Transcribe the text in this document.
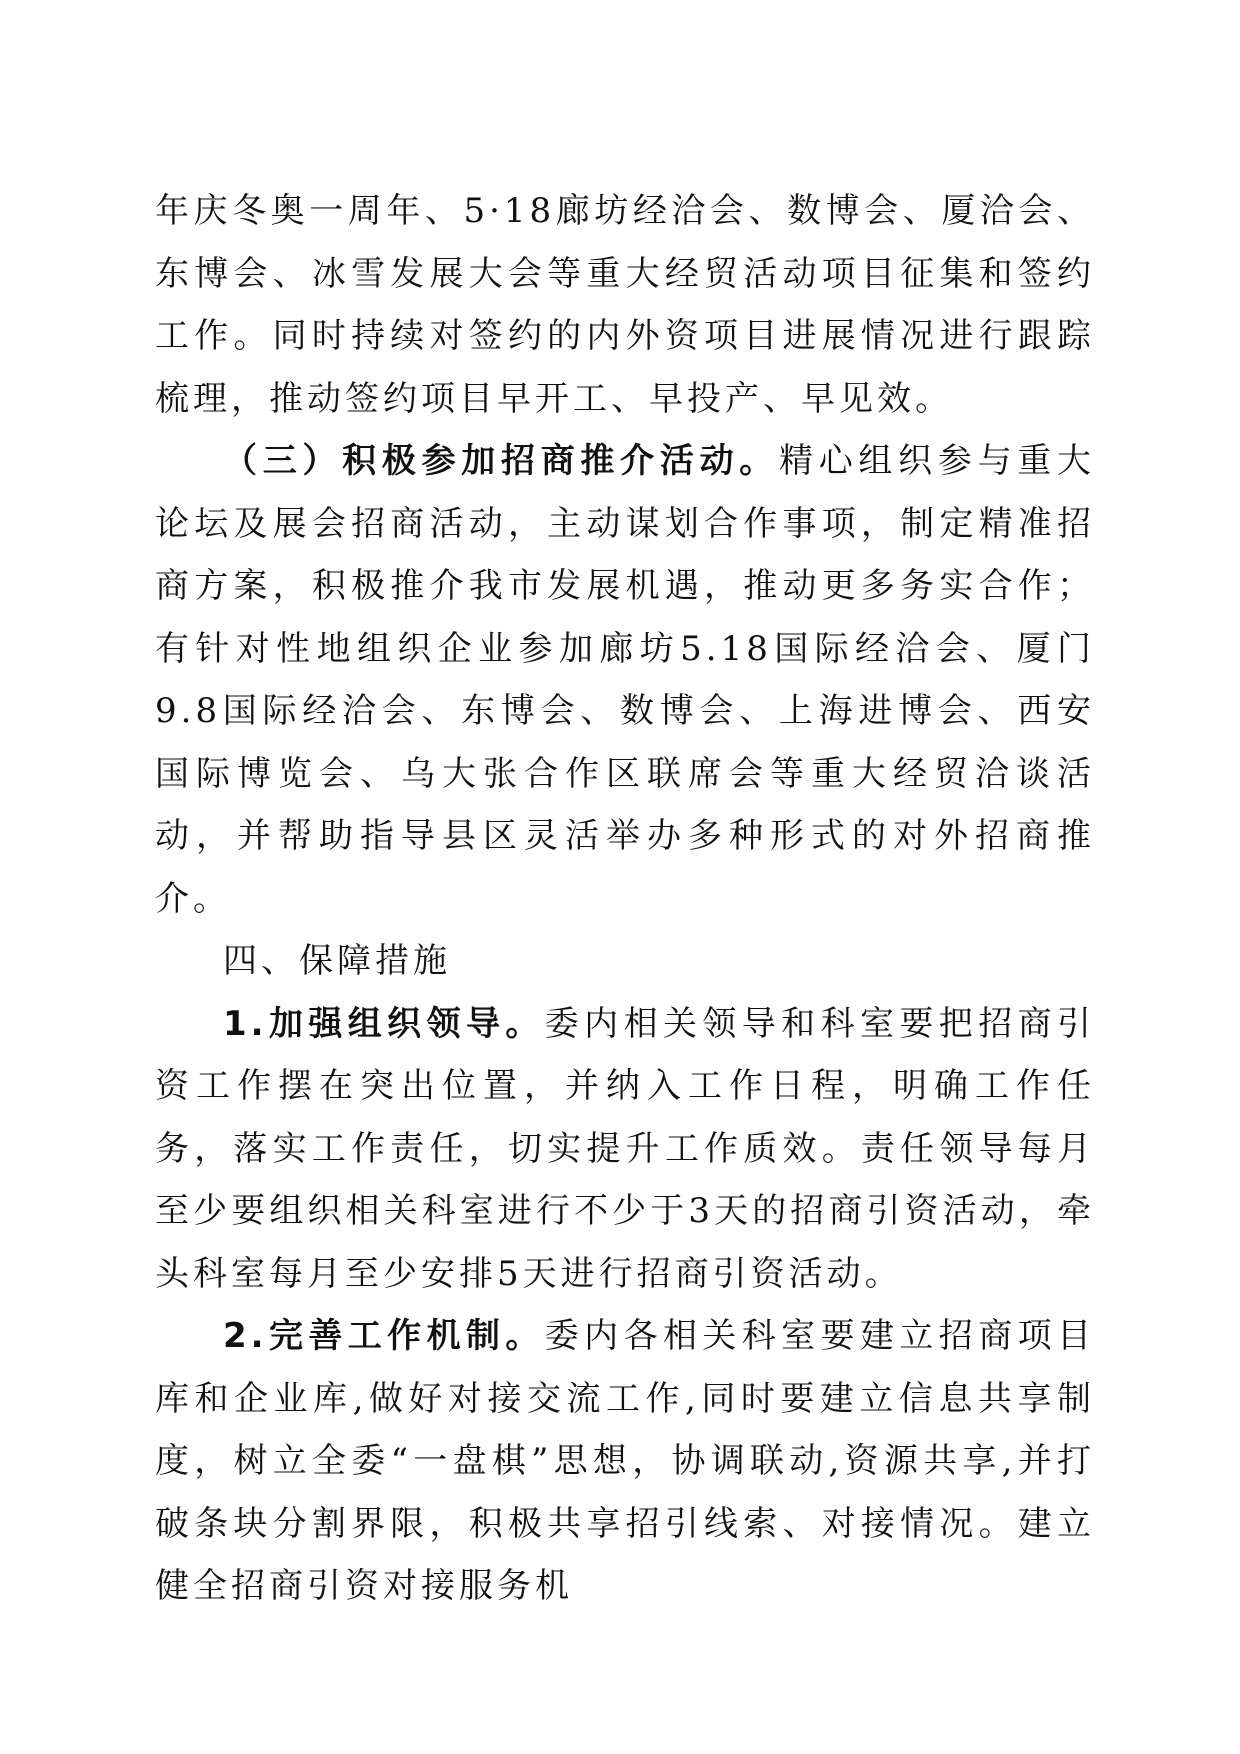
年庆冬奥一周年、5·18廊坊经洽会、数博会、厦洽会、东博会、冰雪发展大会等重大经贸活动项目征集和签约工作。同时持续对签约的内外资项目进展情况进行跟踪梳理，推动签约项目早开工、早投产、早见效。

（三）积极参加招商推介活动。精心组织参与重大论坛及展会招商活动，主动谋划合作事项，制定精准招商方案，积极推介我市发展机遇，推动更多务实合作；有针对性地组织企业参加廊坊5.18国际经洽会、厦门9.8国际经洽会、东博会、数博会、上海进博会、西安国际博览会、乌大张合作区联席会等重大经贸洽谈活动，并帮助指导县区灵活举办多种形式的对外招商推介。

四、保障措施

1.加强组织领导。委内相关领导和科室要把招商引资工作摆在突出位置，并纳入工作日程，明确工作任务，落实工作责任，切实提升工作质效。责任领导每月至少要组织相关科室进行不少于3天的招商引资活动，牵头科室每月至少安排5天进行招商引资活动。

2.完善工作机制。委内各相关科室要建立招商项目库和企业库,做好对接交流工作,同时要建立信息共享制度，树立全委“一盘棋”思想，协调联动,资源共享,并打破条块分割界限，积极共享招引线索、对接情况。建立健全招商引资对接服务机
